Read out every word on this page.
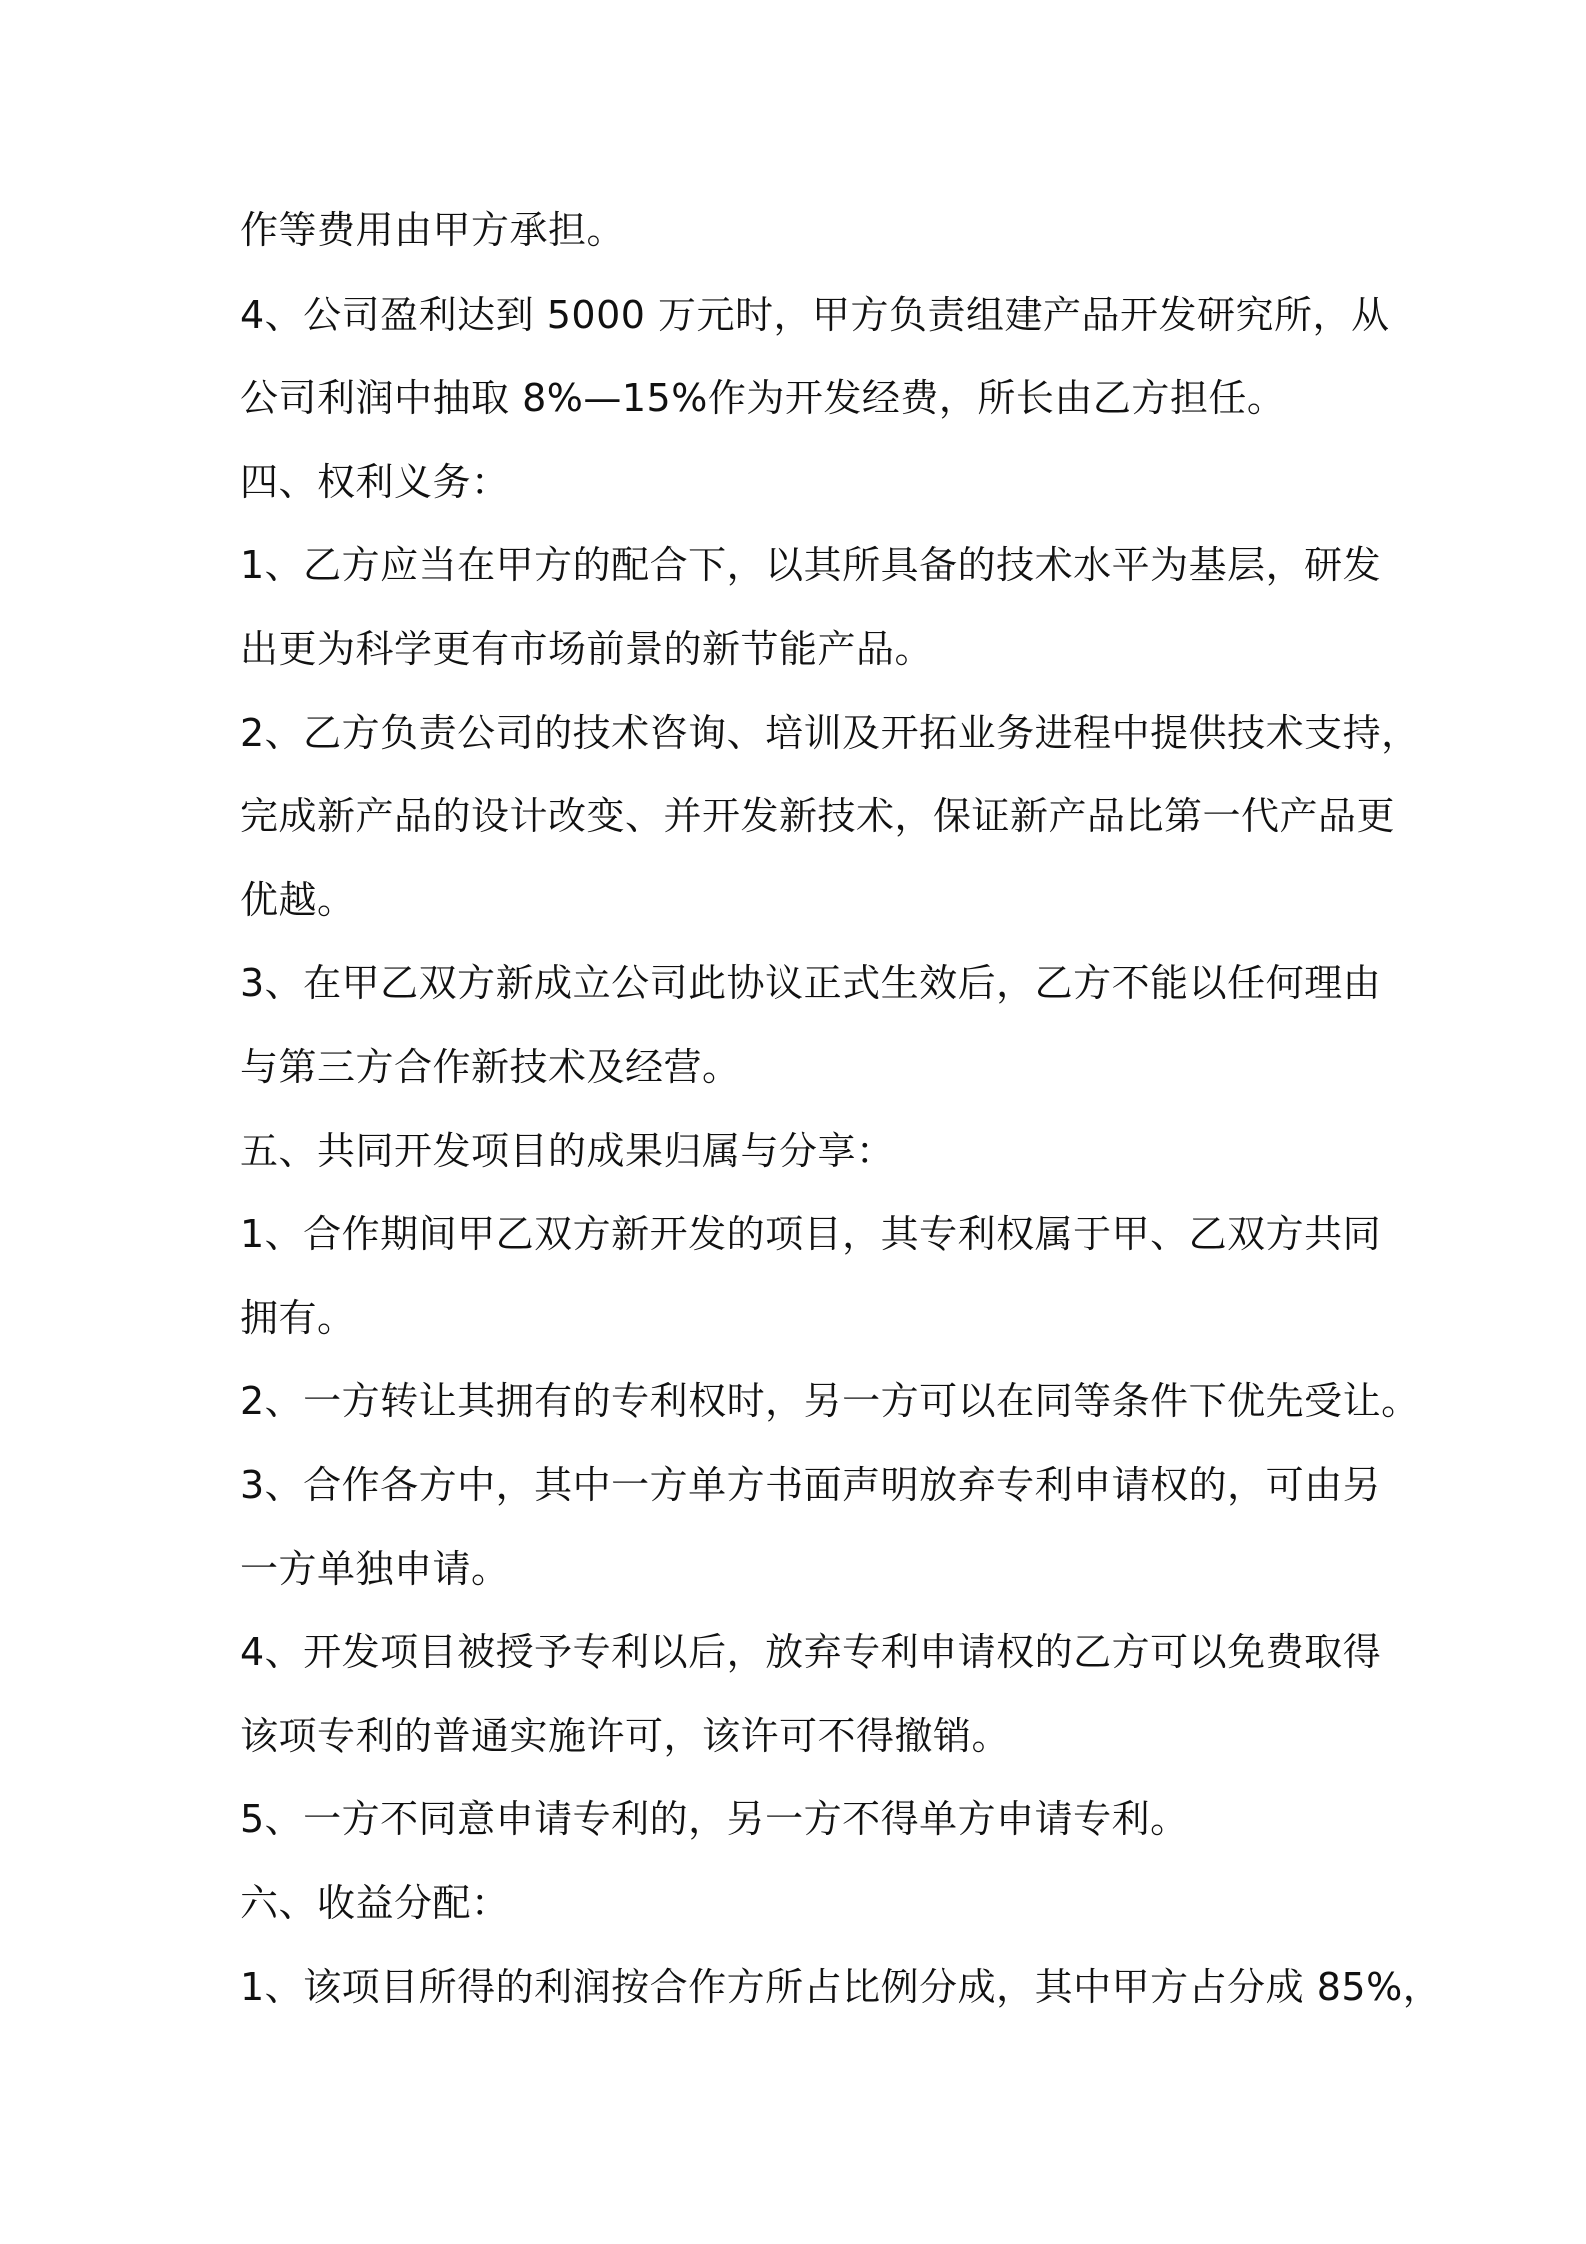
作等费用由甲方承担。

4、公司盈利达到 5000 万元时，甲方负责组建产品开发研究所，从

公司利润中抽取 8%—15%作为开发经费，所长由乙方担任。

四、权利义务：

1、乙方应当在甲方的配合下，以其所具备的技术水平为基层，研发

出更为科学更有市场前景的新节能产品。

2、乙方负责公司的技术咨询、培训及开拓业务进程中提供技术支持，

完成新产品的设计改变、并开发新技术，保证新产品比第一代产品更

优越。

3、在甲乙双方新成立公司此协议正式生效后，乙方不能以任何理由

与第三方合作新技术及经营。

五、共同开发项目的成果归属与分享：

1、合作期间甲乙双方新开发的项目，其专利权属于甲、乙双方共同

拥有。

2、一方转让其拥有的专利权时，另一方可以在同等条件下优先受让。

3、合作各方中，其中一方单方书面声明放弃专利申请权的，可由另

一方单独申请。

4、开发项目被授予专利以后，放弃专利申请权的乙方可以免费取得

该项专利的普通实施许可，该许可不得撤销。

5、一方不同意申请专利的，另一方不得单方申请专利。

六、收益分配：

1、该项目所得的利润按合作方所占比例分成，其中甲方占分成 85%，
